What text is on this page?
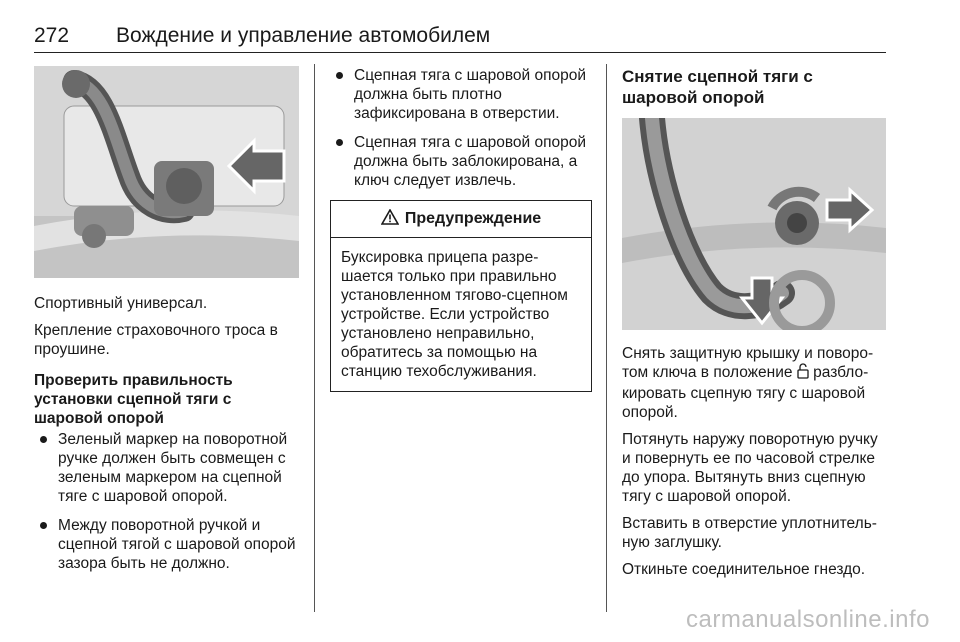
272 Вождение и управление автомобилем

Спортивный универсал.

Крепление страховочного троса в проушине.

Проверить правильность установки сцепной тяги с шаровой опорой

Зеленый маркер на поворотной ручке должен быть совмещен с зеленым маркером на сцепной тяге с шаровой опорой.
Между поворотной ручкой и сцепной тягой с шаровой опорой зазора быть не должно.
Сцепная тяга с шаровой опорой должна быть плотно зафиксирована в отверстии.
Сцепная тяга с шаровой опорой должна быть заблокирована, а ключ следует извлечь.
Предупреждение
Буксировка прицепа разрешается только при правильно установленном тягово-сцепном устройстве. Если устройство установлено неправильно, обратитесь за помощью на станцию техобслуживания.

Снятие сцепной тяги с шаровой опорой

Снять защитную крышку и поворотом ключа в положение разблокировать сцепную тягу с шаровой опорой.

Потянуть наружу поворотную ручку и повернуть ее по часовой стрелке до упора. Вытянуть вниз сцепную тягу с шаровой опорой.

Вставить в отверстие уплотнительную заглушку.

Откиньте соединительное гнездо.

carmanualsonline.info
